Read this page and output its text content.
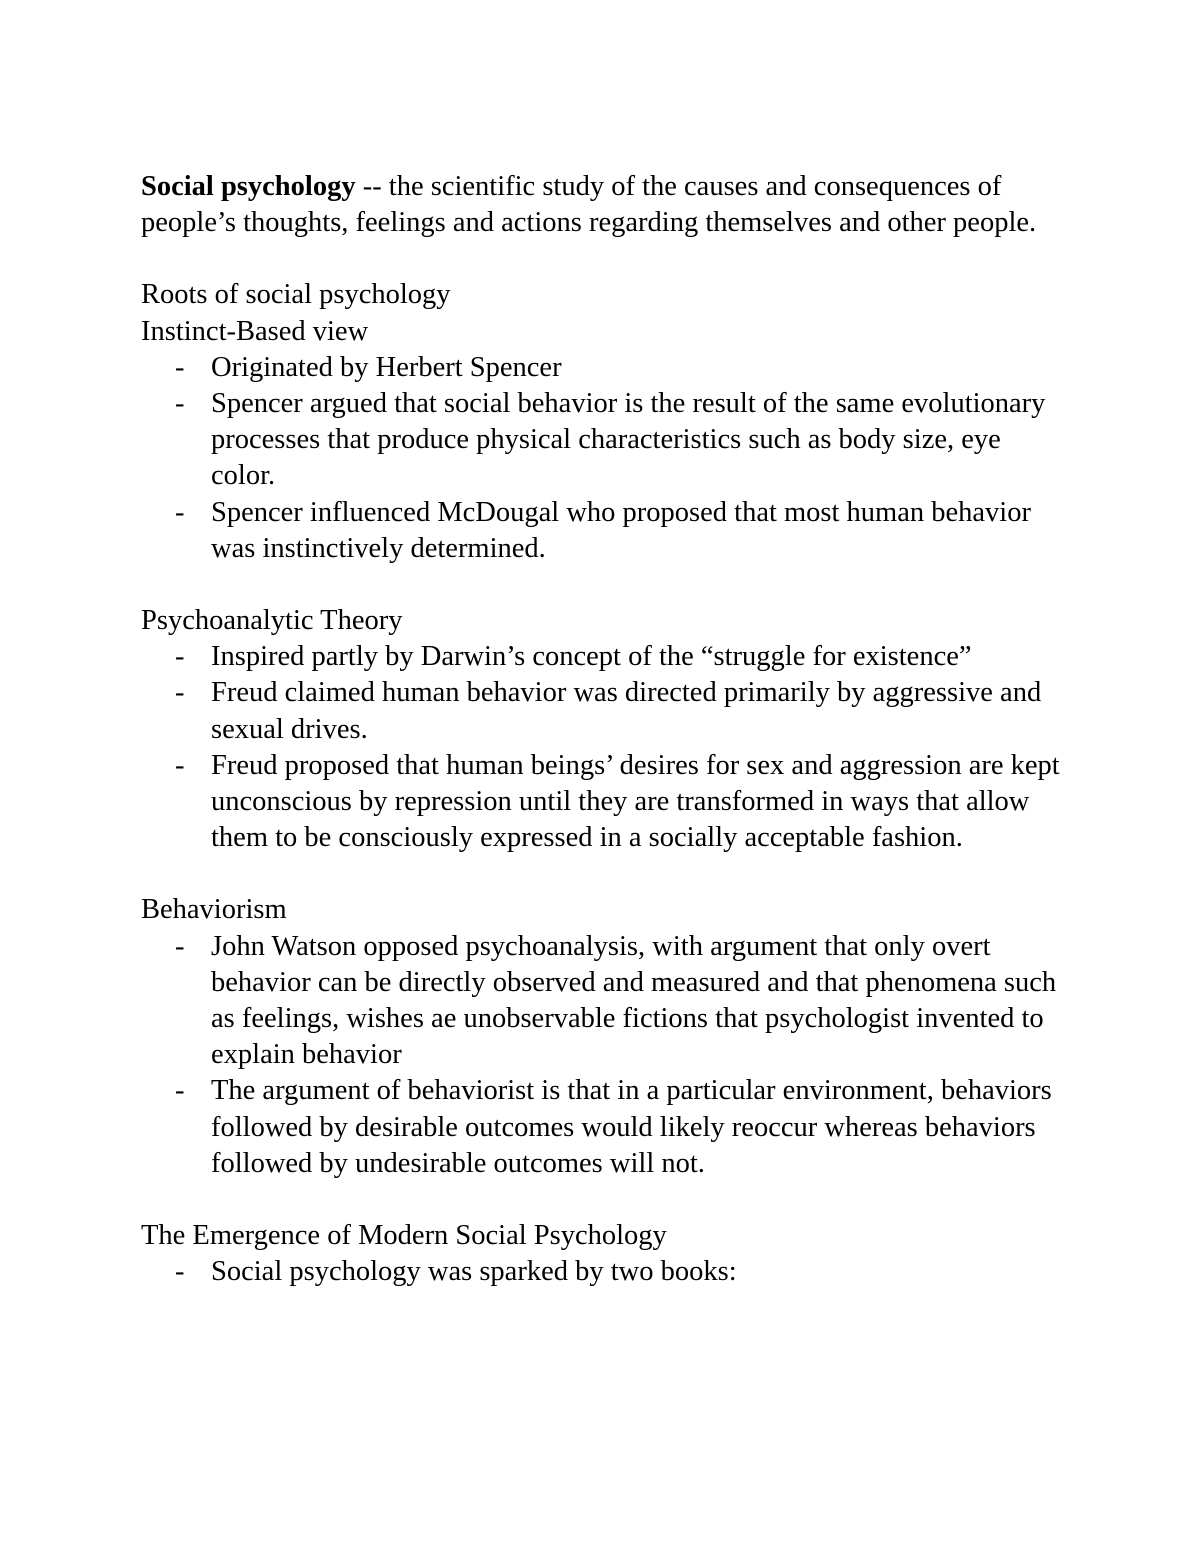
Social psychology -- the scientific study of the causes and consequences of people’s thoughts, feelings and actions regarding themselves and other people.

Roots of social psychology

Instinct-Based view

- Originated by Herbert Spencer
- Spencer argued that social behavior is the result of the same evolutionary processes that produce physical characteristics such as body size, eye color.
- Spencer influenced McDougal who proposed that most human behavior was instinctively determined.

Psychoanalytic Theory

- Inspired partly by Darwin’s concept of the “struggle for existence”
- Freud claimed human behavior was directed primarily by aggressive and sexual drives.
- Freud proposed that human beings’ desires for sex and aggression are kept unconscious by repression until they are transformed in ways that allow them to be consciously expressed in a socially acceptable fashion.

Behaviorism

- John Watson opposed psychoanalysis, with argument that only overt behavior can be directly observed and measured and that phenomena such as feelings, wishes ae unobservable fictions that psychologist invented to explain behavior
- The argument of behaviorist is that in a particular environment, behaviors followed by desirable outcomes would likely reoccur whereas behaviors followed by undesirable outcomes will not.

The Emergence of Modern Social Psychology

- Social psychology was sparked by two books:
